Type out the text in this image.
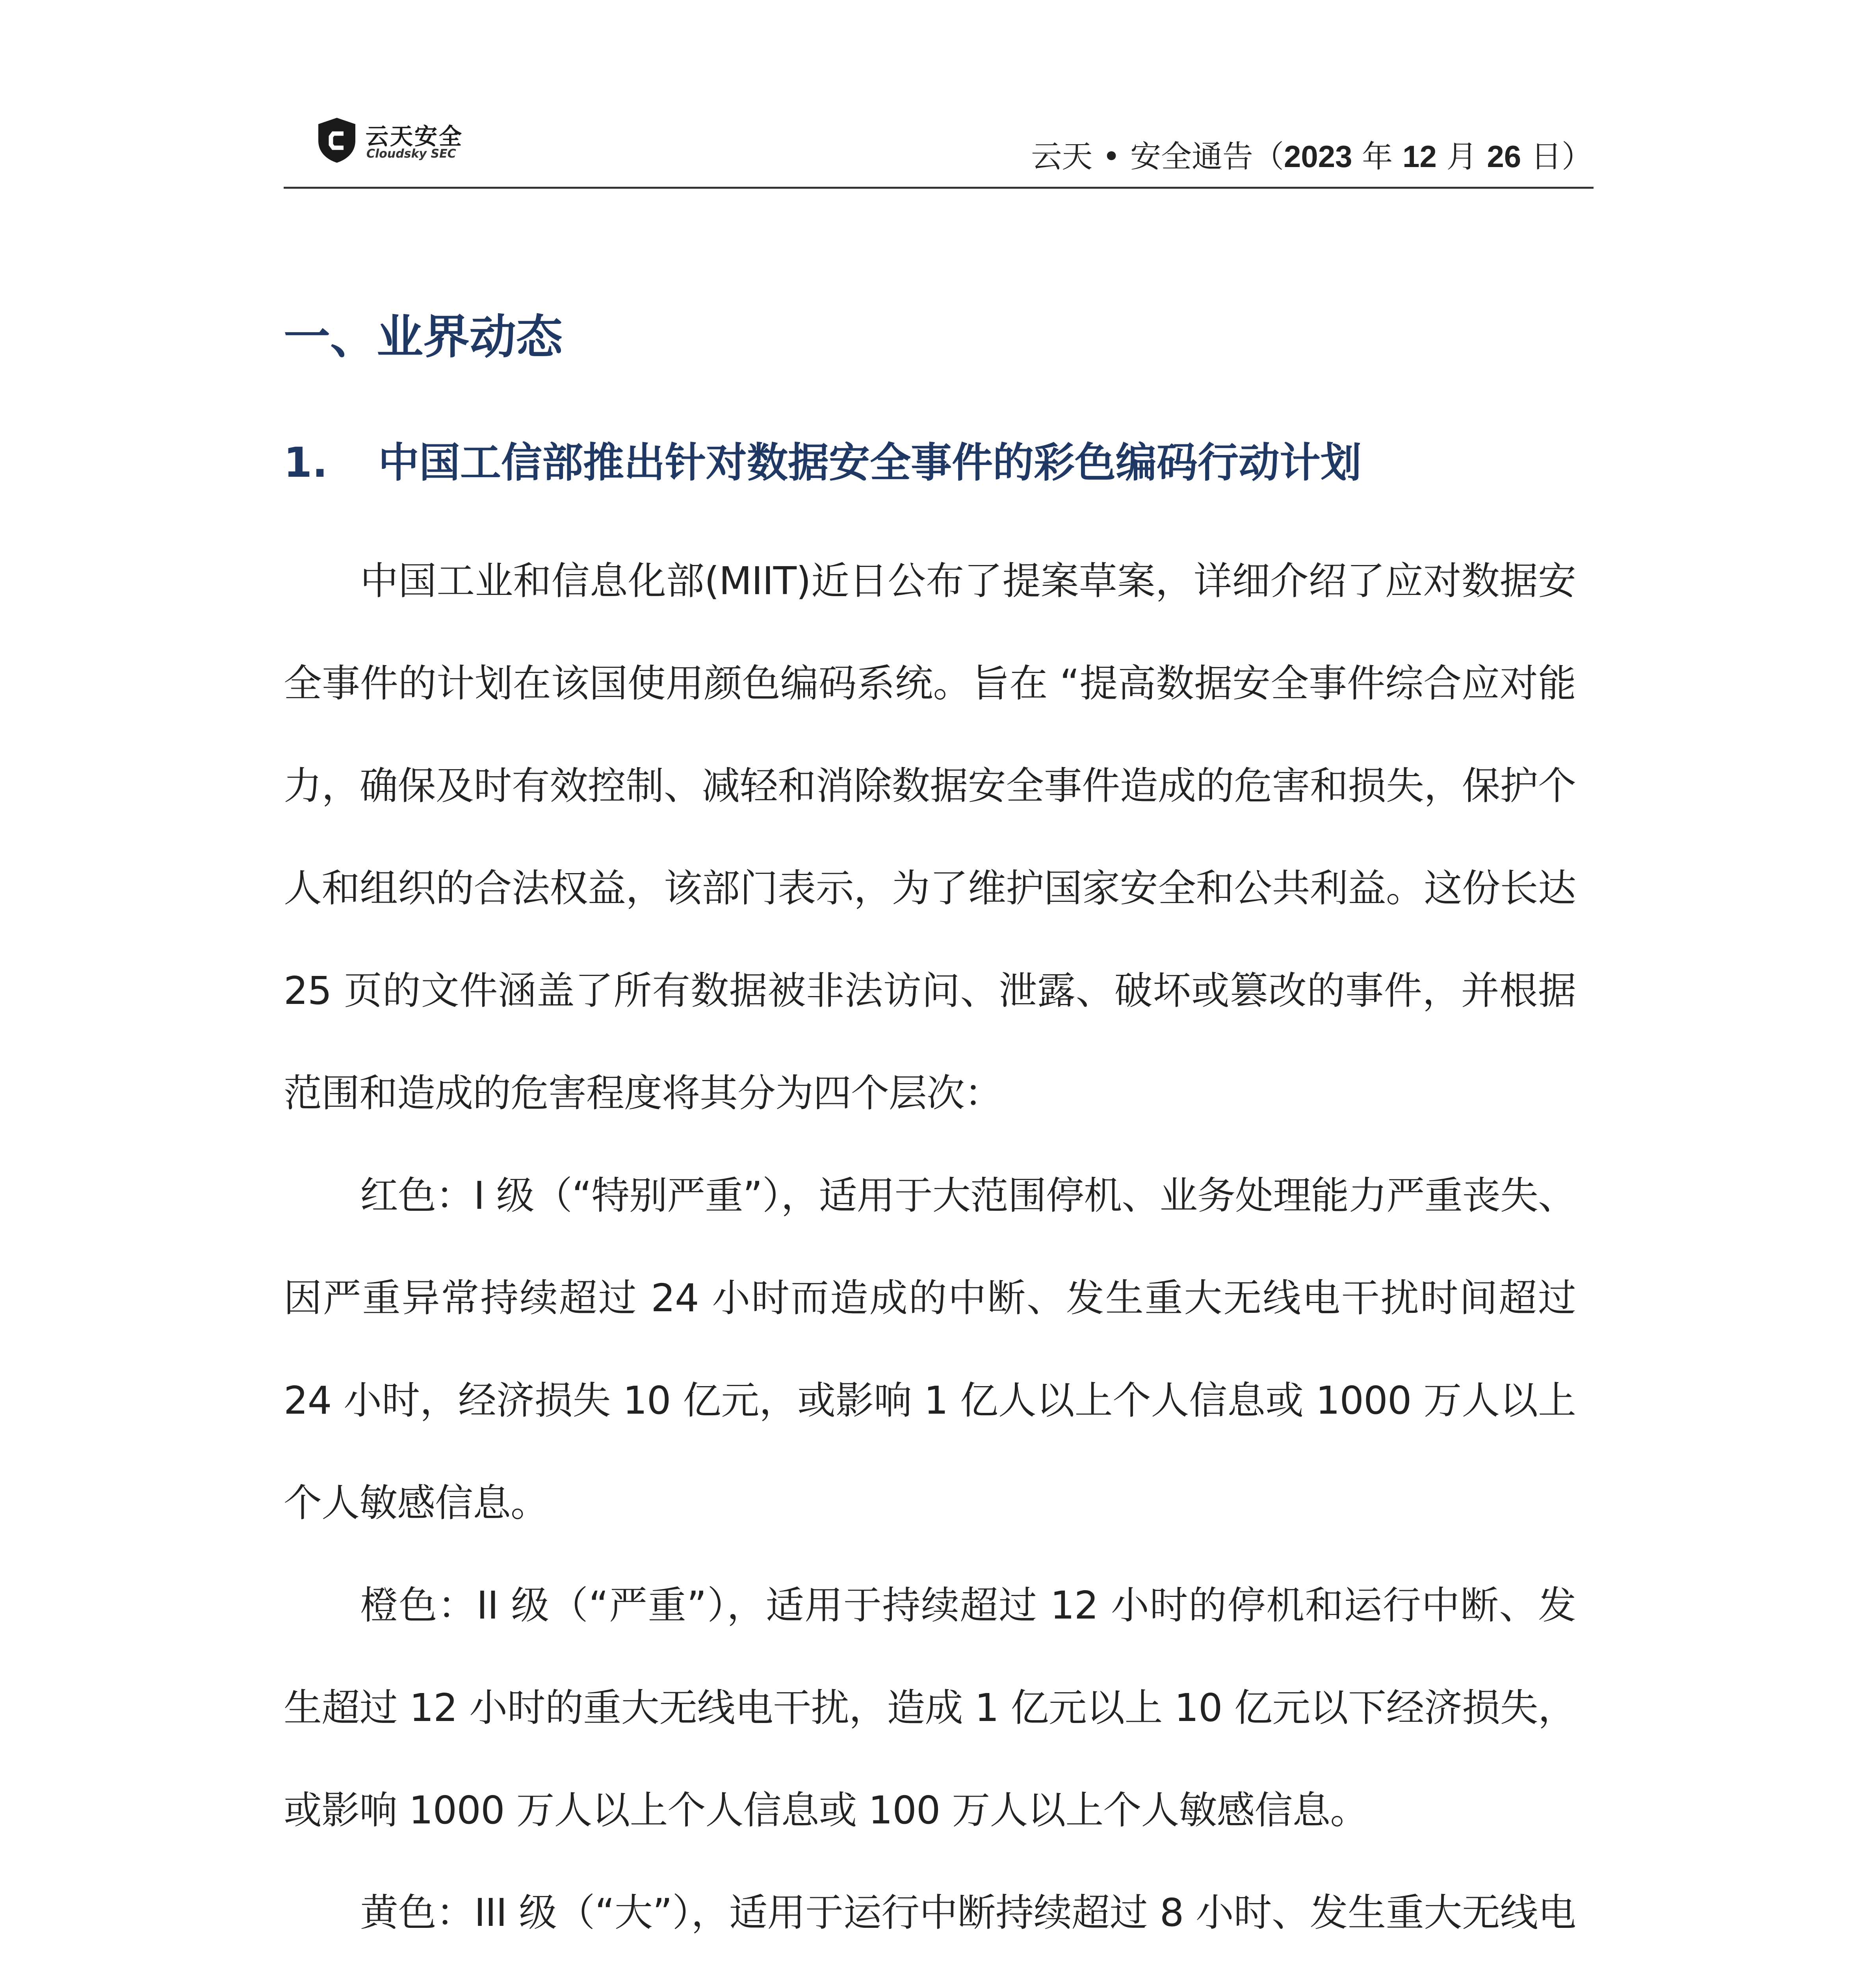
云天安全
Cloudsky SEC	云天 • 安全通告（2023 年 12 月 26 日）
一、业界动态
1. 中国工信部推出针对数据安全事件的彩色编码行动计划

中国工业和信息化部(MIIT)近日公布了提案草案，详细介绍了应对数据安全事件的计划在该国使用颜色编码系统。旨在 “提高数据安全事件综合应对能力，确保及时有效控制、减轻和消除数据安全事件造成的危害和损失，保护个人和组织的合法权益，该部门表示，为了维护国家安全和公共利益。这份长达 25 页的文件涵盖了所有数据被非法访问、泄露、破坏或篡改的事件，并根据范围和造成的危害程度将其分为四个层次：

红色：I 级（“特别严重”），适用于大范围停机、业务处理能力严重丧失、因严重异常持续超过 24 小时而造成的中断、发生重大无线电干扰时间超过 24 小时，经济损失 10 亿元，或影响 1 亿人以上个人信息或 1000 万人以上个人敏感信息。

橙色：II 级（“严重”），适用于持续超过 12 小时的停机和运行中断、发生超过 12 小时的重大无线电干扰，造成 1 亿元以上 10 亿元以下经济损失，或影响 1000 万人以上个人信息或 100 万人以上个人敏感信息。

黄色：III 级（“大”），适用于运行中断持续超过 8 小时、发生重大无线电
